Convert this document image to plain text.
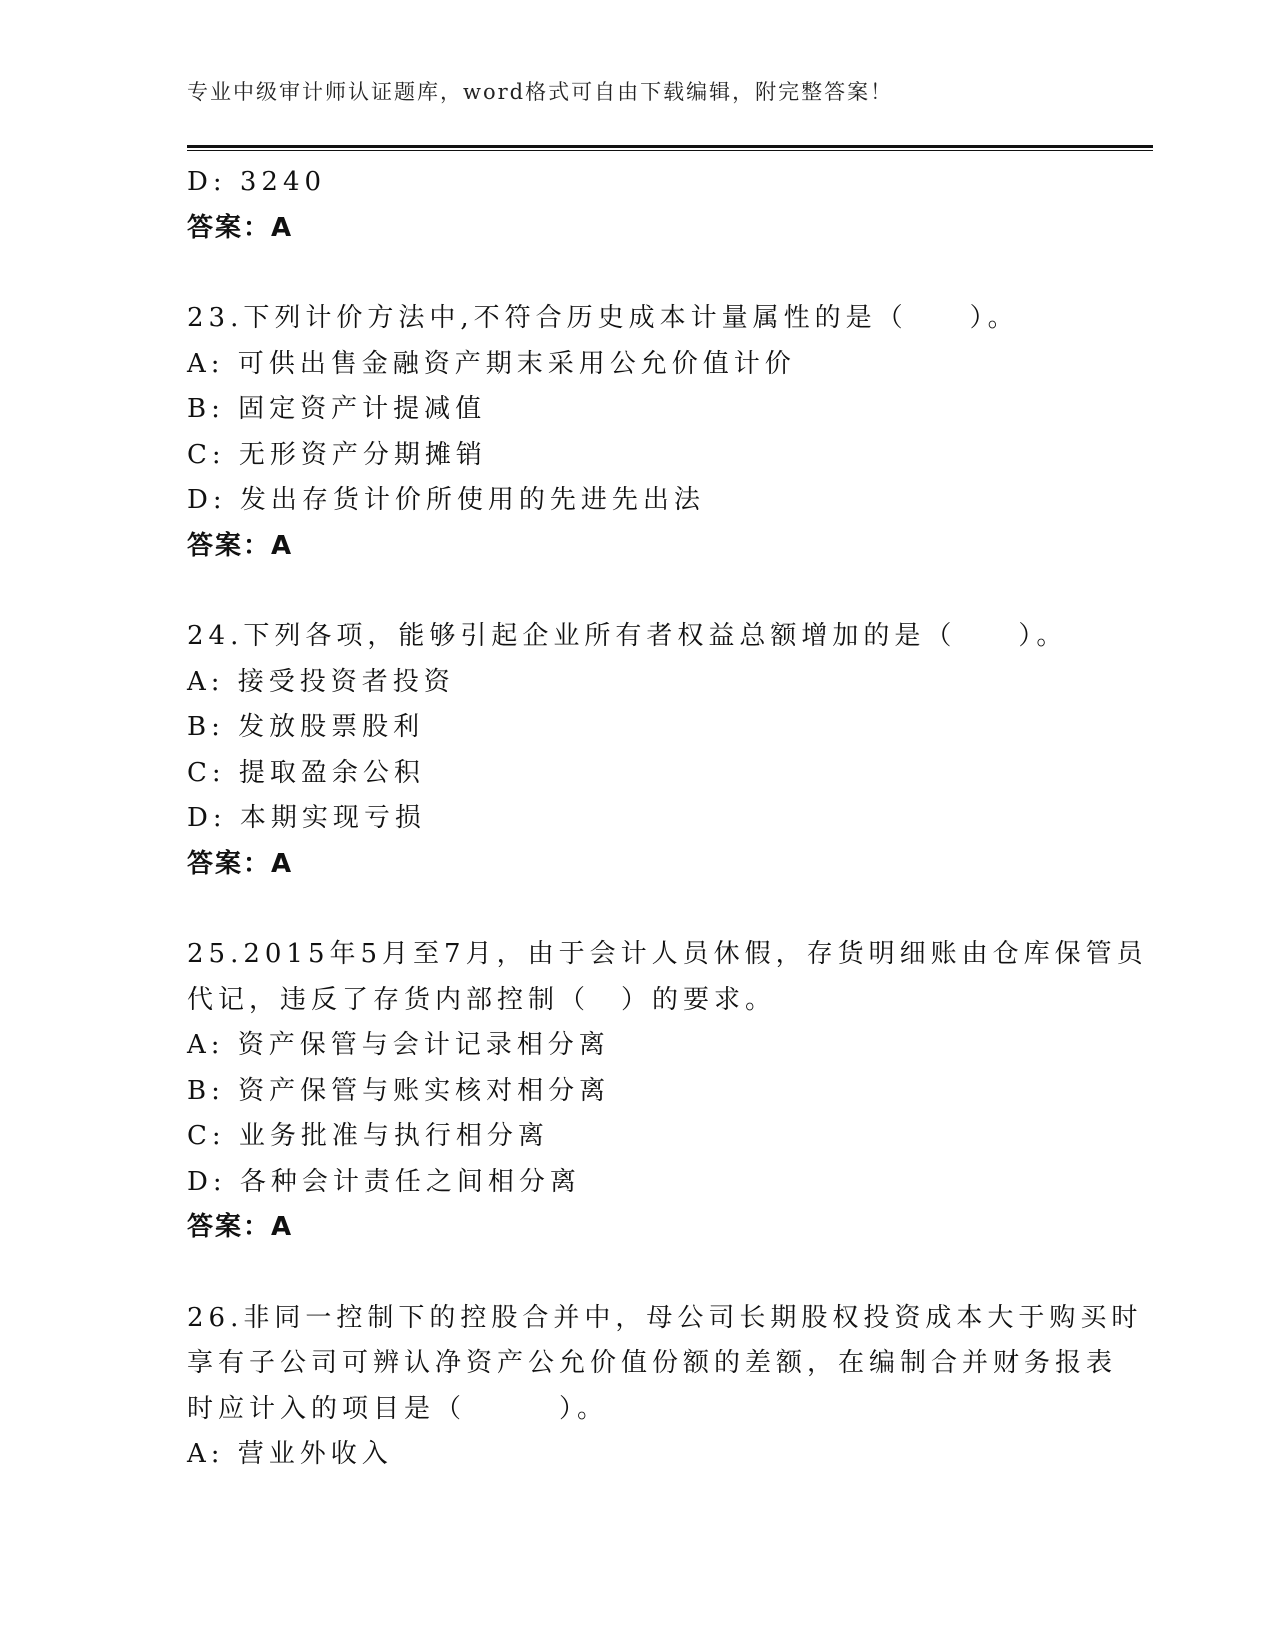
专业中级审计师认证题库，word格式可自由下载编辑，附完整答案！
D: 3240
答案：A
23.下列计价方法中,不符合历史成本计量属性的是（　　）。
A: 可供出售金融资产期末采用公允价值计价
B: 固定资产计提减值
C: 无形资产分期摊销
D: 发出存货计价所使用的先进先出法
答案：A
24.下列各项，能够引起企业所有者权益总额增加的是（　　）。
A: 接受投资者投资
B: 发放股票股利
C: 提取盈余公积
D: 本期实现亏损
答案：A
25.2015年5月至7月，由于会计人员休假，存货明细账由仓库保管员
代记，违反了存货内部控制（　）的要求。
A: 资产保管与会计记录相分离
B: 资产保管与账实核对相分离
C: 业务批准与执行相分离
D: 各种会计责任之间相分离
答案：A
26.非同一控制下的控股合并中，母公司长期股权投资成本大于购买时
享有子公司可辨认净资产公允价值份额的差额，在编制合并财务报表
时应计入的项目是（　　　）。
A: 营业外收入
